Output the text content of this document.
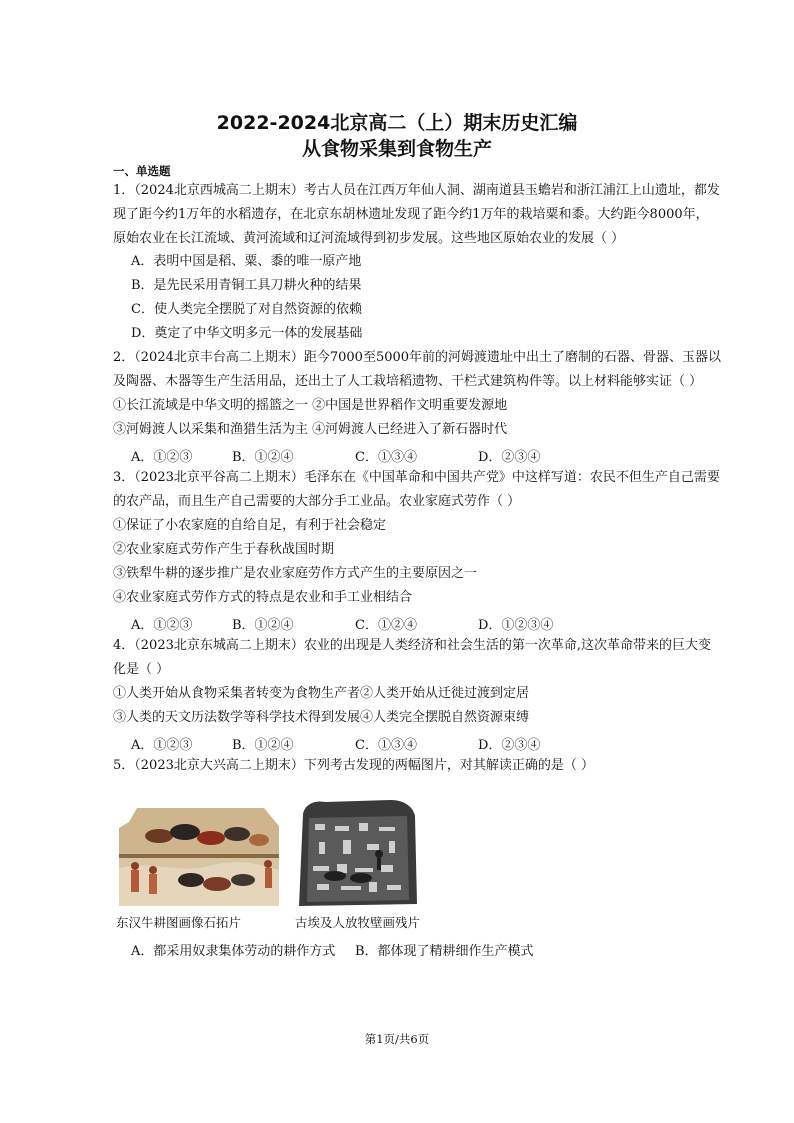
2022-2024北京高二（上）期末历史汇编
从食物采集到食物生产
一、单选题
1．（2024北京西城高二上期末）考古人员在江西万年仙人洞、湖南道县玉蟾岩和浙江浦江上山遗址，都发
现了距今约1万年的水稻遗存，在北京东胡林遗址发现了距今约1万年的栽培粟和黍。大约距今8000年，
原始农业在长江流域、黄河流域和辽河流域得到初步发展。这些地区原始农业的发展（ ）
A．表明中国是稻、粟、黍的唯一原产地
B．是先民采用青铜工具刀耕火种的结果
C．使人类完全摆脱了对自然资源的依赖
D．奠定了中华文明多元一体的发展基础
2．（2024北京丰台高二上期末）距今7000至5000年前的河姆渡遗址中出土了磨制的石器、骨器、玉器以
及陶器、木器等生产生活用品，还出土了人工栽培稻遗物、干栏式建筑构件等。以上材料能够实证（ ）
①长江流域是中华文明的摇篮之一 ②中国是世界稻作文明重要发源地
③河姆渡人以采集和渔猎生活为主 ④河姆渡人已经进入了新石器时代
A．①②③	B．①②④	C．①③④	D．②③④
3．（2023北京平谷高二上期末）毛泽东在《中国革命和中国共产党》中这样写道：农民不但生产自己需要
的农产品，而且生产自己需要的大部分手工业品。农业家庭式劳作（ ）
①保证了小农家庭的自给自足，有利于社会稳定
②农业家庭式劳作产生于春秋战国时期
③铁犁牛耕的逐步推广是农业家庭劳作方式产生的主要原因之一
④农业家庭式劳作方式的特点是农业和手工业相结合
A．①②③	B．①②④	C．①②④	D．①②③④
4．（2023北京东城高二上期末）农业的出现是人类经济和社会生活的第一次革命,这次革命带来的巨大变
化是（ ）
①人类开始从食物采集者转变为食物生产者②人类开始从迁徙过渡到定居
③人类的天文历法数学等科学技术得到发展④人类完全摆脱自然资源束缚
A．①②③	B．①②④	C．①③④	D．②③④
5．（2023北京大兴高二上期末）下列考古发现的两幅图片，对其解读正确的是（ ）
东汉牛耕图画像石拓片	古埃及人放牧壁画残片
A．都采用奴隶集体劳动的耕作方式 B．都体现了精耕细作生产模式
第1页/共6页
